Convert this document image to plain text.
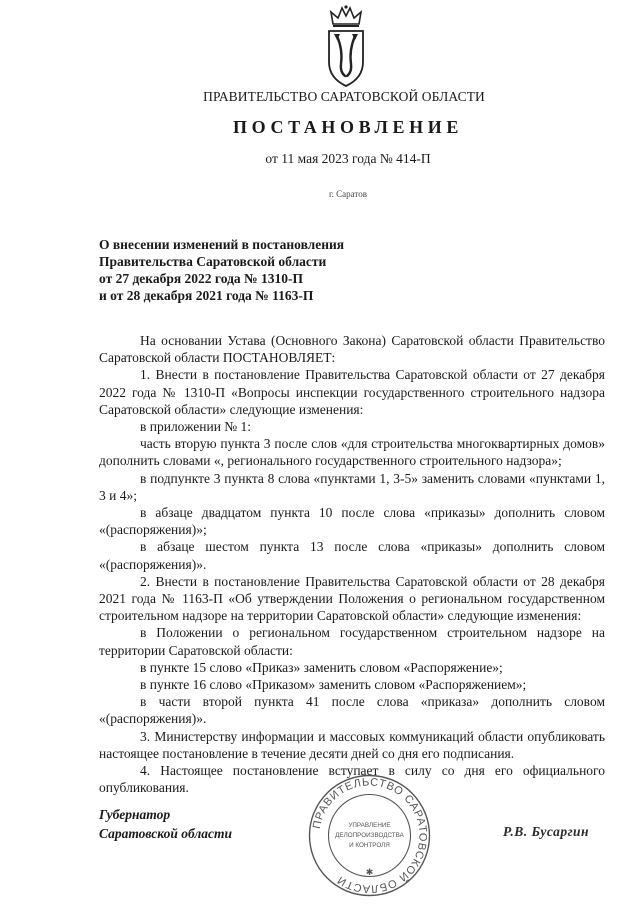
ПРАВИТЕЛЬСТВО САРАТОВСКОЙ ОБЛАСТИ
ПОСТАНОВЛЕНИЕ
от 11 мая 2023 года № 414-П
г. Саратов
О внесении изменений в постановления
Правительства Саратовской области
от 27 декабря 2022 года № 1310-П
и от 28 декабря 2021 года № 1163-П

На основании Устава (Основного Закона) Саратовской области Правительство Саратовской области ПОСТАНОВЛЯЕТ:

1. Внести в постановление Правительства Саратовской области от 27 декабря 2022 года № 1310-П «Вопросы инспекции государственного строительного надзора Саратовской области» следующие изменения:

в приложении № 1:

часть вторую пункта 3 после слов «для строительства многоквартирных домов» дополнить словами «, регионального государственного строительного надзора»;

в подпункте 3 пункта 8 слова «пунктами 1, 3-5» заменить словами «пунктами 1, 3 и 4»;

в абзаце двадцатом пункта 10 после слова «приказы» дополнить словом «(распоряжения)»;

в абзаце шестом пункта 13 после слова «приказы» дополнить словом «(распоряжения)».

2. Внести в постановление Правительства Саратовской области от 28 декабря 2021 года № 1163-П «Об утверждении Положения о региональном государственном строительном надзоре на территории Саратовской области» следующие изменения:

в Положении о региональном государственном строительном надзоре на территории Саратовской области:

в пункте 15 слово «Приказ» заменить словом «Распоряжение»;

в пункте 16 слово «Приказом» заменить словом «Распоряжением»;

в части второй пункта 41 после слова «приказа» дополнить словом «(распоряжения)».

3. Министерству информации и массовых коммуникаций области опубликовать настоящее постановление в течение десяти дней со дня его подписания.

4. Настоящее постановление вступает в силу со дня его официального опубликования.

Губернатор
Саратовской области
ПРАВИТЕЛЬСТВО САРАТОВСКОЙ ОБЛАСТИ
УПРАВЛЕНИЕ
ДЕЛОПРОИЗВОДСТВА
И КОНТРОЛЯ
✱
Р.В. Бусаргин
